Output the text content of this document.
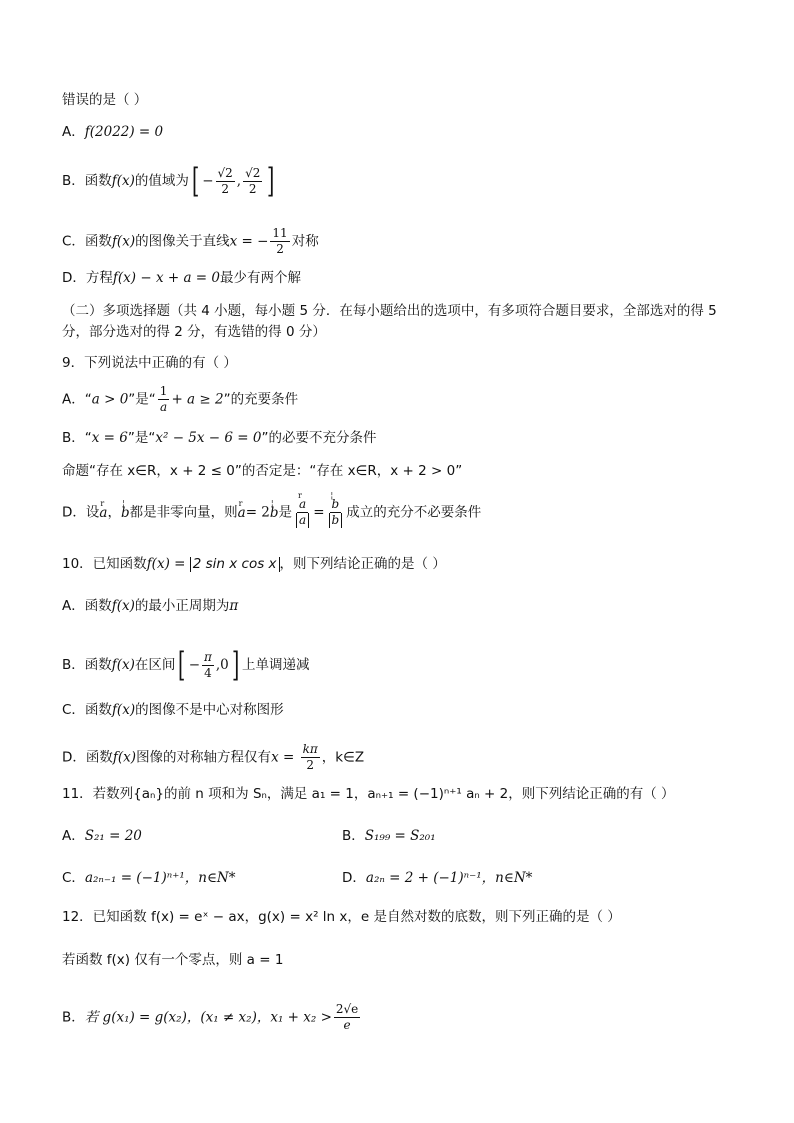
错误的是（ ）
A．f(2022) = 0
B．函数f(x)的值域为[ − $\frac{√2}{2}$ , $\frac{√2}{2}$ ]
C．函数f(x)的图像关于直线x = − $\frac{11}{2}$ 对称
D．方程f(x) − x + a = 0最少有两个解
（二）多项选择题（共 4 小题，每小题 5 分．在每小题给出的选项中，有多项符合题目要求，全部选对的得 5 分，部分选对的得 2 分，有选错的得 0 分）
9．下列说法中正确的有（ ）
A．“a > 0”是“ $\frac{1}{a} + a \ge 2$”的充要条件
B．“x = 6”是“x² − 5x − 6 = 0”的必要不充分条件
命题“存在 x∈R，x + 2 ≤ 0”的否定是：“存在 x∈R，x + 2 > 0”
D．设r a，¦ b都是非零向量，则r a= 2¦ b是 r $\frac{a}{a}$ = ¦ $\frac{b}{b}$ 成立的充分不必要条件
10．已知函数f(x) = 2 sin x cos x ，则下列结论正确的是（ ）
A．函数f(x)的最小正周期为π
B．函数f(x)在区间[ − $\frac{\pi}{4} ,0$] 上单调递减
C．函数f(x)的图像不是中心对称图形
D．函数f(x)图像的对称轴方程仅有$x = \frac{k\pi}{2}$ ，k∈Z
11．若数列{aₙ}的前 n 项和为 Sₙ，满足 a₁ = 1，aₙ₊₁ = (−1)ⁿ⁺¹ aₙ + 2，则下列结论正确的有（ ）
A．S₂₁ = 20	B．S₁₉₉ = S₂₀₁
C．a₂ₙ₋₁ = (−1)ⁿ⁺¹，n∈N*	D．a₂ₙ = 2 + (−1)ⁿ⁻¹，n∈N*
12．已知函数 f(x) = eˣ − ax，g(x) = x² ln x，e 是自然对数的底数，则下列正确的是（ ）
若函数 f(x) 仅有一个零点，则 a = 1
B．若 g(x₁) = g(x₂)，(x₁ ≠ x₂)，$x_1 + x_2 > \frac{2√e}{e}$
